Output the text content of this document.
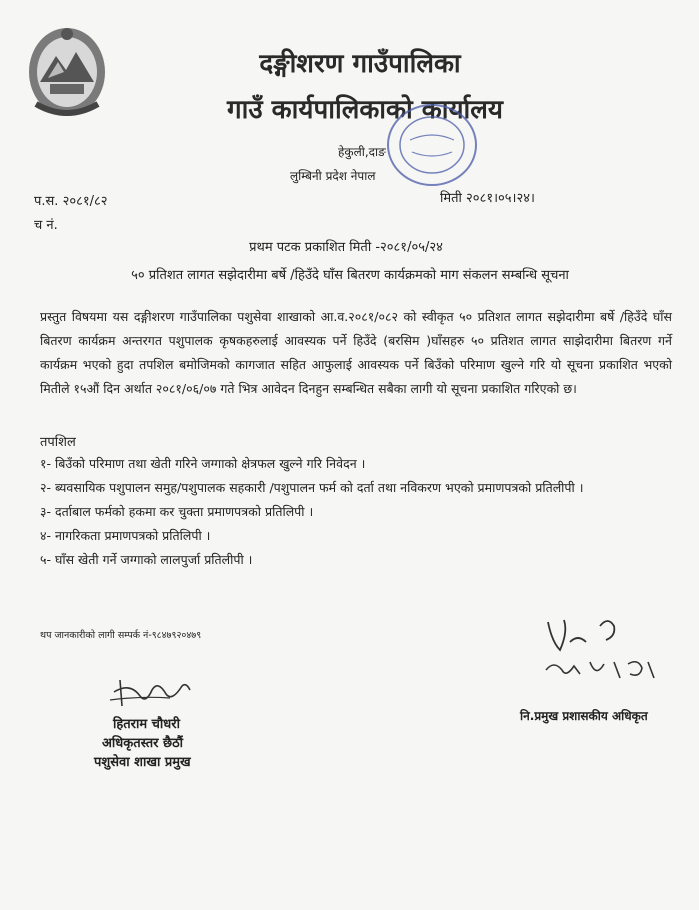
दङ्गीशरण गाउँपालिका
गाउँ कार्यपालिकाको कार्यालय
हेकुली,दाङ
लुम्बिनी प्रदेश नेपाल
प.स. २०८१/८२
च नं.
मिती २०८१।०५।२४।
प्रथम पटक प्रकाशित मिती -२०८१/०५/२४
५० प्रतिशत लागत सझेदारीमा बर्षे /हिउँदे घाँस बितरण कार्यक्रमको माग संकलन सम्बन्धि सूचना
प्रस्तुत विषयमा यस दङ्गीशरण गाउँपालिका पशुसेवा शाखाको आ.व.२०८१/०८२ को स्वीकृत ५० प्रतिशत लागत सझेदारीमा बर्षे /हिउँदे घाँस बितरण कार्यक्रम अन्तरगत पशुपालक कृषकहरुलाई आवस्यक पर्ने हिउँदे (बरसिम )घाँसहरु ५० प्रतिशत लागत साझेदारीमा बितरण गर्ने कार्यक्रम भएको हुदा तपशिल बमोजिमको कागजात सहित आफुलाई आवस्यक पर्ने बिउँको परिमाण खुल्ने गरि यो सूचना प्रकाशित भएको मितीले १५औं दिन अर्थात २०८१/०६/०७ गते भित्र आवेदन दिनहुन सम्बन्धित सबैका लागी यो सूचना प्रकाशित गरिएको छ।
तपशिल
१- बिउँको परिमाण तथा खेती गरिने जग्गाको क्षेत्रफल खुल्ने गरि निवेदन ।
२- ब्यवसायिक पशुपालन समुह/पशुपालक सहकारी /पशुपालन फर्म को दर्ता तथा नविकरण भएको प्रमाणपत्रको प्रतिलीपी ।
३- दर्ताबाल फर्मको हकमा कर चुक्ता प्रमाणपत्रको प्रतिलिपी ।
४- नागरिकता प्रमाणपत्रको प्रतिलिपी ।
५- घाँस खेती गर्ने जग्गाको लालपुर्जा प्रतिलीपी ।
थप जानकारीको लागी सम्पर्क नं-९८४७९२०४७९
हितराम चौधरी
अधिकृतस्तर छैठौं
पशुसेवा शाखा प्रमुख
नि.प्रमुख प्रशासकीय अधिकृत
